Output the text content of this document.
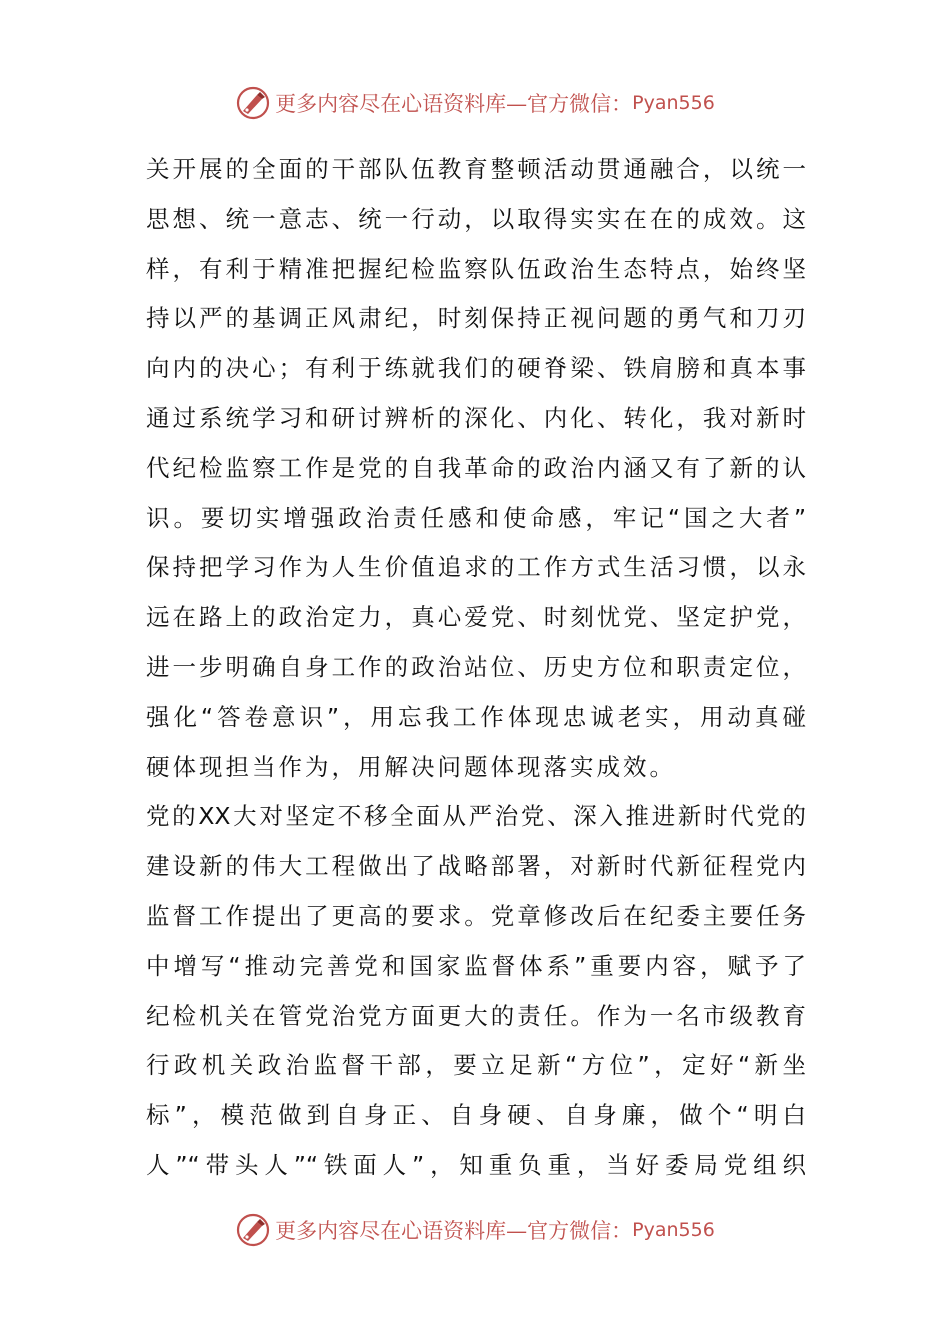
更多内容尽在心语资料库— 官方微信： Pyan556
关开展的全面的干部队伍教育整顿活动贯通融合，以统一
思想、统一意志、统一行动，以取得实实在在的成效。这
样，有利于精准把握纪检监察队伍政治生态特点，始终坚
持以严的基调正风肃纪，时刻保持正视问题的勇气和刀刃
向内的决心；有利于练就我们的硬脊梁、铁肩膀和真本事
通过系统学习和研讨辨析的深化、内化、转化，我对新时
代纪检监察工作是党的自我革命的政治内涵又有了新的认
识。要切实增强政治责任感和使命感，牢记“国之大者”
保持把学习作为人生价值追求的工作方式生活习惯，以永
远在路上的政治定力，真心爱党、时刻忧党、坚定护党，
进一步明确自身工作的政治站位、历史方位和职责定位，
强化“答卷意识”，用忘我工作体现忠诚老实，用动真碰
硬体现担当作为，用解决问题体现落实成效。
党的XX大对坚定不移全面从严治党、深入推进新时代党的
建设新的伟大工程做出了战略部署，对新时代新征程党内
监督工作提出了更高的要求。党章修改后在纪委主要任务
中增写“推动完善党和国家监督体系”重要内容，赋予了
纪检机关在管党治党方面更大的责任。作为一名市级教育
行政机关政治监督干部，要立足新“方位”，定好“新坐
标”，模范做到自身正、自身硬、自身廉，做个“明白
人”“带头人”“铁面人”，知重负重，当好委局党组织
更多内容尽在心语资料库— 官方微信： Pyan556
